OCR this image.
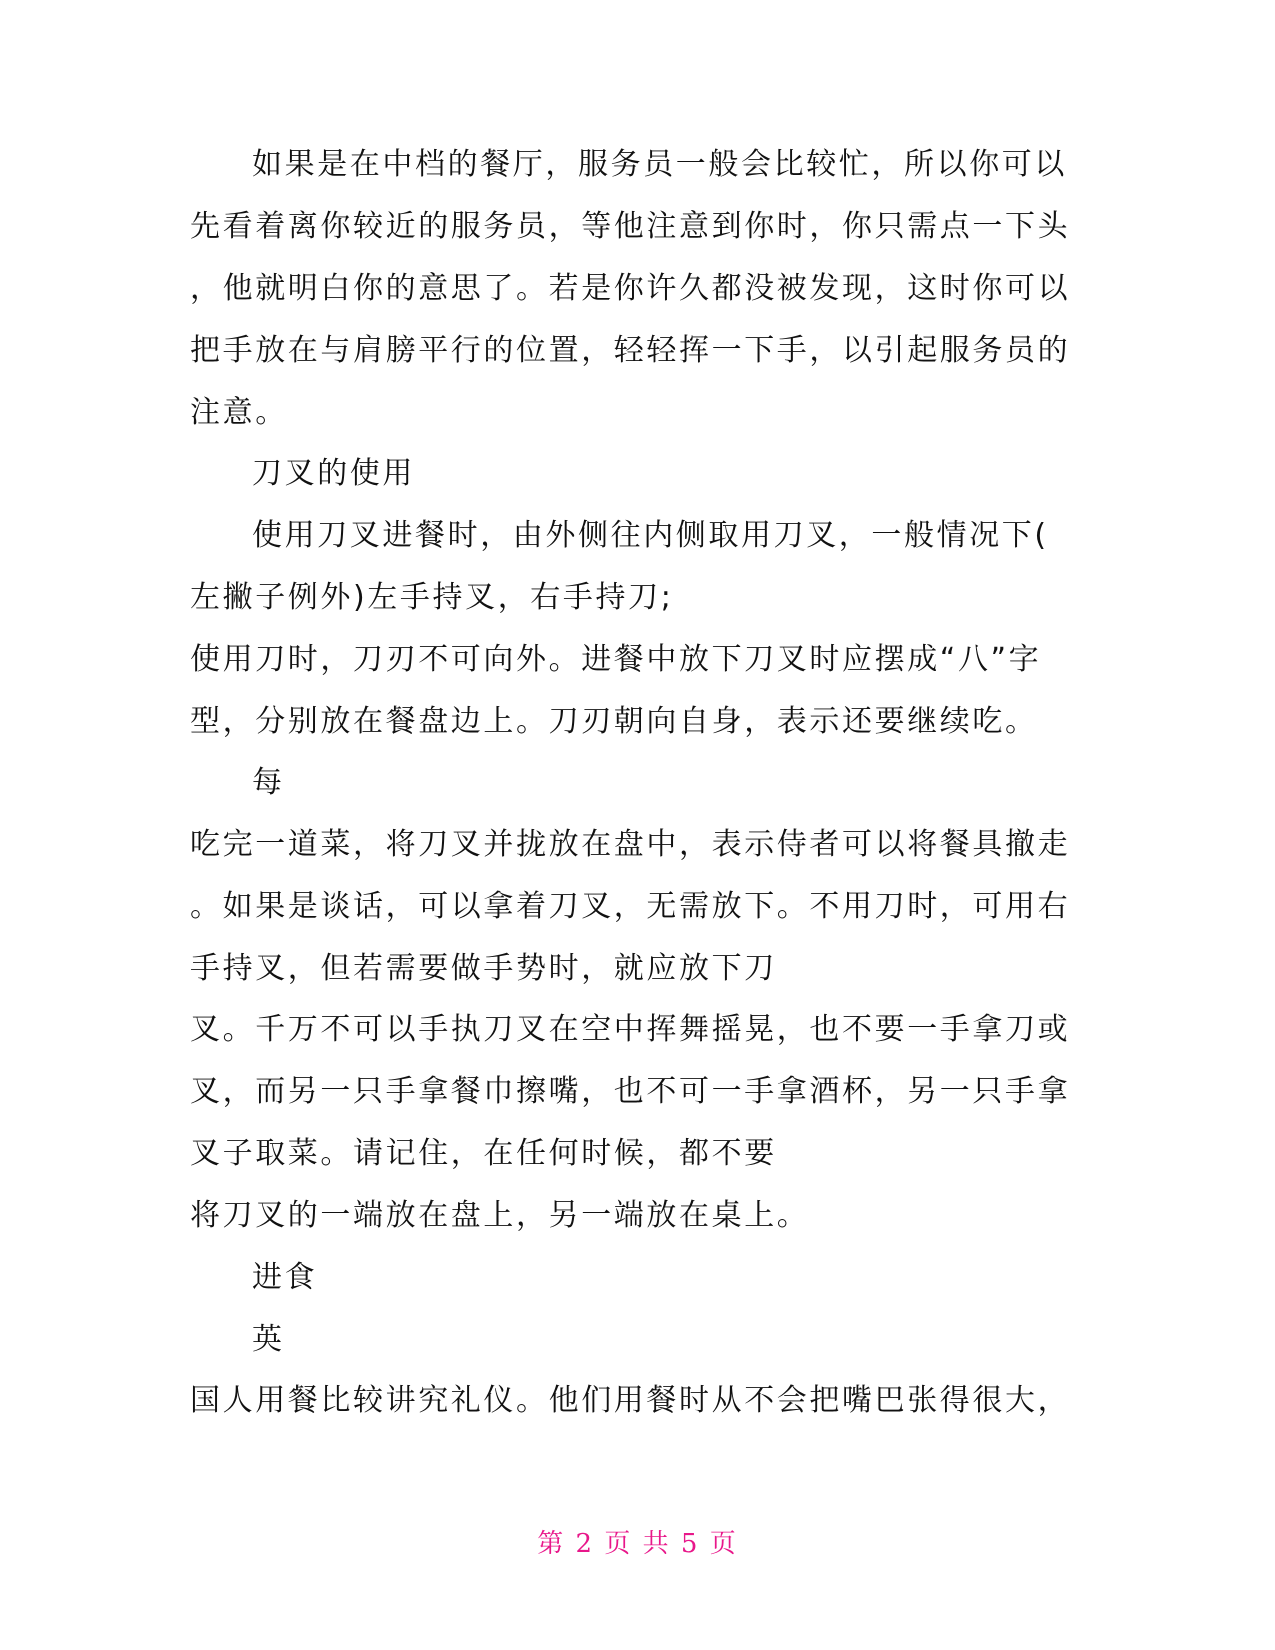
如果是在中档的餐厅，服务员一般会比较忙，所以你可以
先看着离你较近的服务员，等他注意到你时，你只需点一下头
，他就明白你的意思了。若是你许久都没被发现，这时你可以
把手放在与肩膀平行的位置，轻轻挥一下手，以引起服务员的
注意。
刀叉的使用
使用刀叉进餐时，由外侧往内侧取用刀叉，一般情况下(
左撇子例外)左手持叉，右手持刀;
使用刀时，刀刃不可向外。进餐中放下刀叉时应摆成“八”字
型，分别放在餐盘边上。刀刃朝向自身，表示还要继续吃。
每
吃完一道菜，将刀叉并拢放在盘中，表示侍者可以将餐具撤走
。如果是谈话，可以拿着刀叉，无需放下。不用刀时，可用右
手持叉，但若需要做手势时，就应放下刀
叉。千万不可以手执刀叉在空中挥舞摇晃，也不要一手拿刀或
叉，而另一只手拿餐巾擦嘴，也不可一手拿酒杯，另一只手拿
叉子取菜。请记住，在任何时候，都不要
将刀叉的一端放在盘上，另一端放在桌上。
进食
英
国人用餐比较讲究礼仪。他们用餐时从不会把嘴巴张得很大，
第 2 页 共 5 页
